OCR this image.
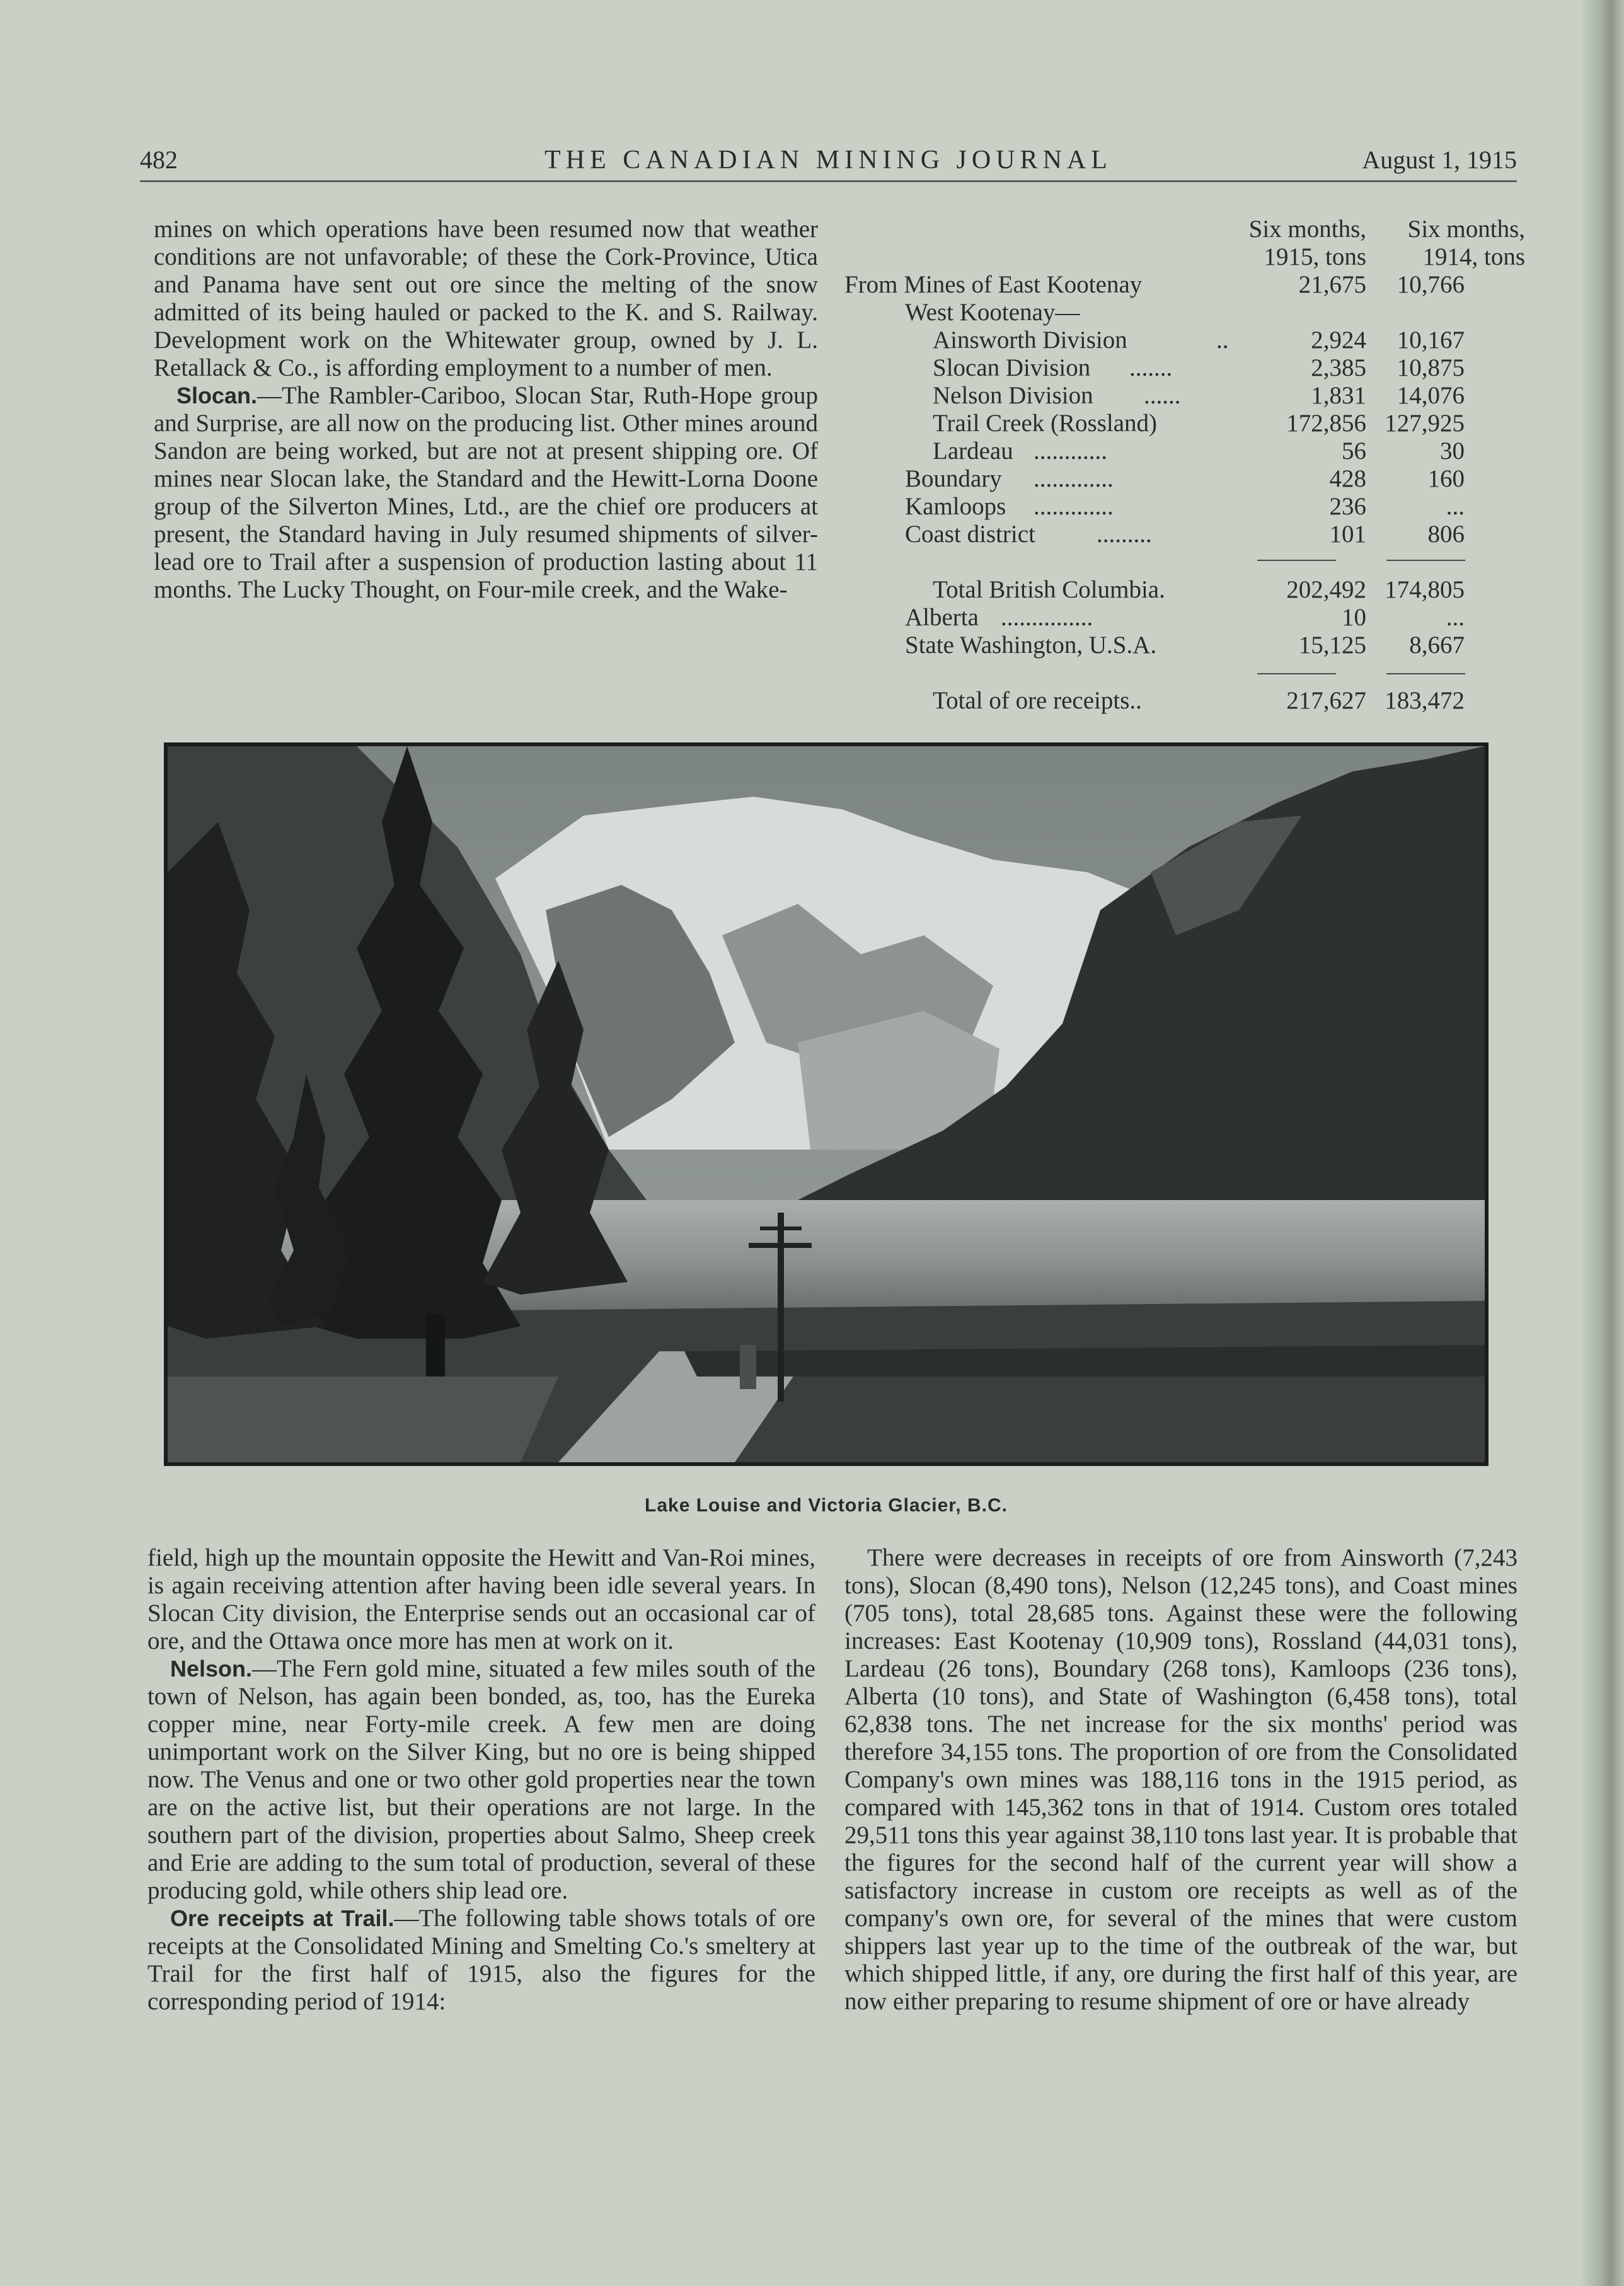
482	THE CANADIAN MINING JOURNAL	August 1, 1915

mines on which operations have been resumed now that weather conditions are not unfavorable; of these the Cork-Province, Utica and Panama have sent out ore since the melting of the snow admitted of its being hauled or packed to the K. and S. Railway. Development work on the Whitewater group, owned by J. L. Retallack & Co., is affording employment to a number of men.

Slocan.—The Rambler-Cariboo, Slocan Star, Ruth-Hope group and Surprise, are all now on the producing list. Other mines around Sandon are being worked, but are not at present shipping ore. Of mines near Slocan lake, the Standard and the Hewitt-Lorna Doone group of the Silverton Mines, Ltd., are the chief ore producers at present, the Standard having in July resumed shipments of silver-lead ore to Trail after a suspension of production lasting about 11 months. The Lucky Thought, on Four-mile creek, and the Wake-

Six months, Six months,
1915, tons 1914, tons
From Mines of East Kootenay	21,675 10,766
West Kootenay—
Ainsworth Division	..	2,924 10,167
Slocan Division .......	2,385 10,875
Nelson Division ......	1,831 14,076
Trail Creek (Rossland)	172,856 127,925
Lardeau ............	56	30
Boundary .............	428	160
Kamloops .............	236	...
Coast district .........	101	806
Total British Columbia.	202,492 174,805
Alberta ...............	10	...
State Washington, U.S.A.	15,125 8,667
Total of ore receipts..	217,627 183,472
Lake Louise and Victoria Glacier, B.C.

field, high up the mountain opposite the Hewitt and Van-Roi mines, is again receiving attention after having been idle several years. In Slocan City division, the Enterprise sends out an occasional car of ore, and the Ottawa once more has men at work on it.

Nelson.—The Fern gold mine, situated a few miles south of the town of Nelson, has again been bonded, as, too, has the Eureka copper mine, near Forty-mile creek. A few men are doing unimportant work on the Silver King, but no ore is being shipped now. The Venus and one or two other gold properties near the town are on the active list, but their operations are not large. In the southern part of the division, properties about Salmo, Sheep creek and Erie are adding to the sum total of production, several of these producing gold, while others ship lead ore.

Ore receipts at Trail.—The following table shows totals of ore receipts at the Consolidated Mining and Smelting Co.'s smeltery at Trail for the first half of 1915, also the figures for the corresponding period of 1914:

There were decreases in receipts of ore from Ainsworth (7,243 tons), Slocan (8,490 tons), Nelson (12,245 tons), and Coast mines (705 tons), total 28,685 tons. Against these were the following increases: East Kootenay (10,909 tons), Rossland (44,031 tons), Lardeau (26 tons), Boundary (268 tons), Kamloops (236 tons), Alberta (10 tons), and State of Washington (6,458 tons), total 62,838 tons. The net increase for the six months' period was therefore 34,155 tons. The proportion of ore from the Consolidated Company's own mines was 188,116 tons in the 1915 period, as compared with 145,362 tons in that of 1914. Custom ores totaled 29,511 tons this year against 38,110 tons last year. It is probable that the figures for the second half of the current year will show a satisfactory increase in custom ore receipts as well as of the company's own ore, for several of the mines that were custom shippers last year up to the time of the outbreak of the war, but which shipped little, if any, ore during the first half of this year, are now either preparing to resume shipment of ore or have already
